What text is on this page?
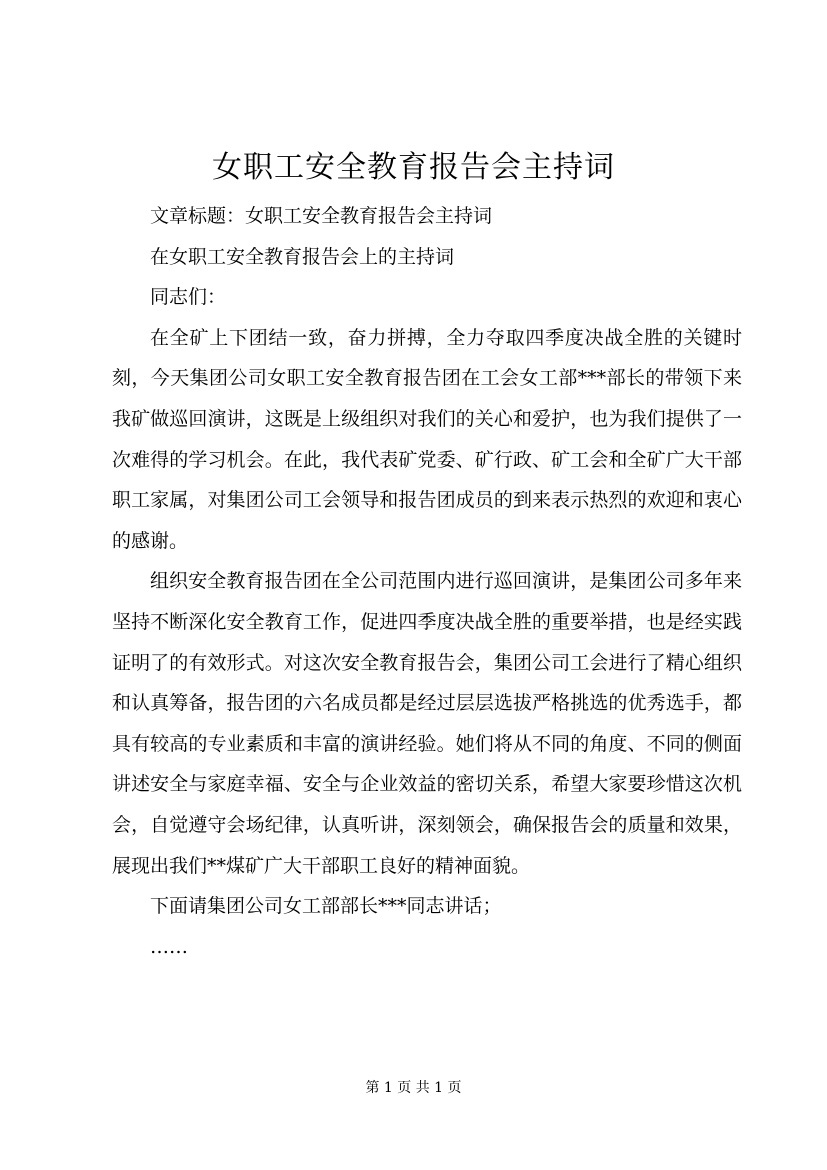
女职工安全教育报告会主持词

文章标题：女职工安全教育报告会主持词

在女职工安全教育报告会上的主持词

同志们：

在全矿上下团结一致，奋力拼搏，全力夺取四季度决战全胜的关键时刻，今天集团公司女职工安全教育报告团在工会女工部***部长的带领下来我矿做巡回演讲，这既是上级组织对我们的关心和爱护，也为我们提供了一次难得的学习机会。在此，我代表矿党委、矿行政、矿工会和全矿广大干部职工家属，对集团公司工会领导和报告团成员的到来表示热烈的欢迎和衷心的感谢。

组织安全教育报告团在全公司范围内进行巡回演讲，是集团公司多年来坚持不断深化安全教育工作，促进四季度决战全胜的重要举措，也是经实践证明了的有效形式。对这次安全教育报告会，集团公司工会进行了精心组织和认真筹备，报告团的六名成员都是经过层层选拔严格挑选的优秀选手，都具有较高的专业素质和丰富的演讲经验。她们将从不同的角度、不同的侧面讲述安全与家庭幸福、安全与企业效益的密切关系，希望大家要珍惜这次机会，自觉遵守会场纪律，认真听讲，深刻领会，确保报告会的质量和效果，展现出我们**煤矿广大干部职工良好的精神面貌。

下面请集团公司女工部部长***同志讲话；

……

第 1 页 共 1 页
